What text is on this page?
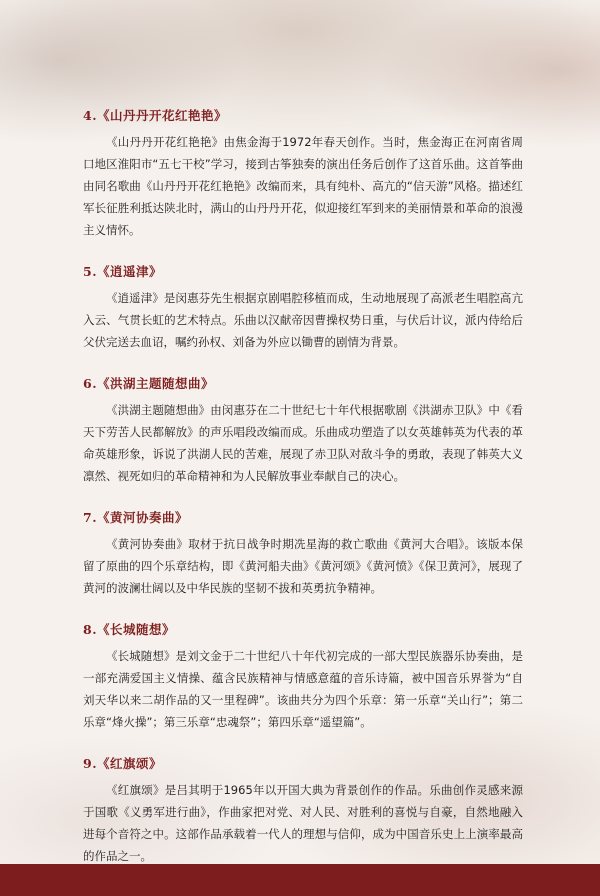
4.《山丹丹开花红艳艳》

《山丹丹开花红艳艳》由焦金海于1972年春天创作。当时，焦金海正在河南省周口地区淮阳市“五七干校”学习，接到古筝独奏的演出任务后创作了这首乐曲。这首筝曲由同名歌曲《山丹丹开花红艳艳》改编而来，具有纯朴、高亢的“信天游”风格。描述红军长征胜利抵达陕北时，满山的山丹丹开花，似迎接红军到来的美丽情景和革命的浪漫主义情怀。

5.《逍遥津》

《逍遥津》是闵惠芬先生根据京剧唱腔移植而成，生动地展现了高派老生唱腔高亢入云、气贯长虹的艺术特点。乐曲以汉献帝因曹操权势日重，与伏后计议，派内侍给后父伏完送去血诏，嘱约孙权、刘备为外应以锄曹的剧情为背景。

6.《洪湖主题随想曲》

《洪湖主题随想曲》由闵惠芬在二十世纪七十年代根据歌剧《洪湖赤卫队》中《看天下劳苦人民都解放》的声乐唱段改编而成。乐曲成功塑造了以女英雄韩英为代表的革命英雄形象，诉说了洪湖人民的苦难，展现了赤卫队对敌斗争的勇敢，表现了韩英大义凛然、视死如归的革命精神和为人民解放事业奉献自己的决心。

7.《黄河协奏曲》

《黄河协奏曲》取材于抗日战争时期冼星海的救亡歌曲《黄河大合唱》。该版本保留了原曲的四个乐章结构，即《黄河船夫曲》《黄河颂》《黄河愤》《保卫黄河》，展现了黄河的波澜壮阔以及中华民族的坚韧不拔和英勇抗争精神。

8.《长城随想》

《长城随想》是刘文金于二十世纪八十年代初完成的一部大型民族器乐协奏曲，是一部充满爱国主义情操、蕴含民族精神与情感意蕴的音乐诗篇，被中国音乐界誉为“自刘天华以来二胡作品的又一里程碑”。该曲共分为四个乐章：第一乐章“关山行”；第二乐章“烽火操”；第三乐章“忠魂祭”；第四乐章“遥望篇”。

9.《红旗颂》

《红旗颂》是吕其明于1965年以开国大典为背景创作的作品。乐曲创作灵感来源于国歌《义勇军进行曲》，作曲家把对党、对人民、对胜利的喜悦与自豪，自然地融入进每个音符之中。这部作品承载着一代人的理想与信仰，成为中国音乐史上上演率最高的作品之一。
